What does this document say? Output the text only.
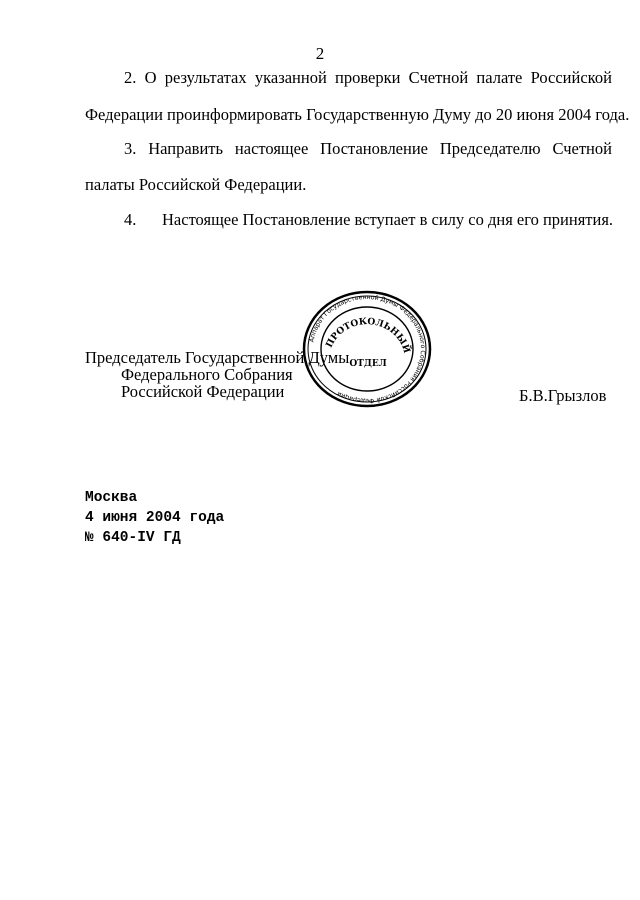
2
2. О результатах указанной проверки Счетной палате Российской
Федерации проинформировать Государственную Думу до 20 июня 2004 года.
3. Направить настоящее Постановление Председателю Счетной
палаты Российской Федерации.
4. Настоящее Постановление вступает в силу со дня его принятия.
Аппарат Государственной Думы Федерального Собрания Российской Федерации
ПРОТОКОЛЬНЫЙ
ОТДЕЛ
Председатель Государственной Думы
Федерального Собрания
Российской Федерации	Б.В.Грызлов
Москва
4 июня 2004 года
№ 640-IV ГД
